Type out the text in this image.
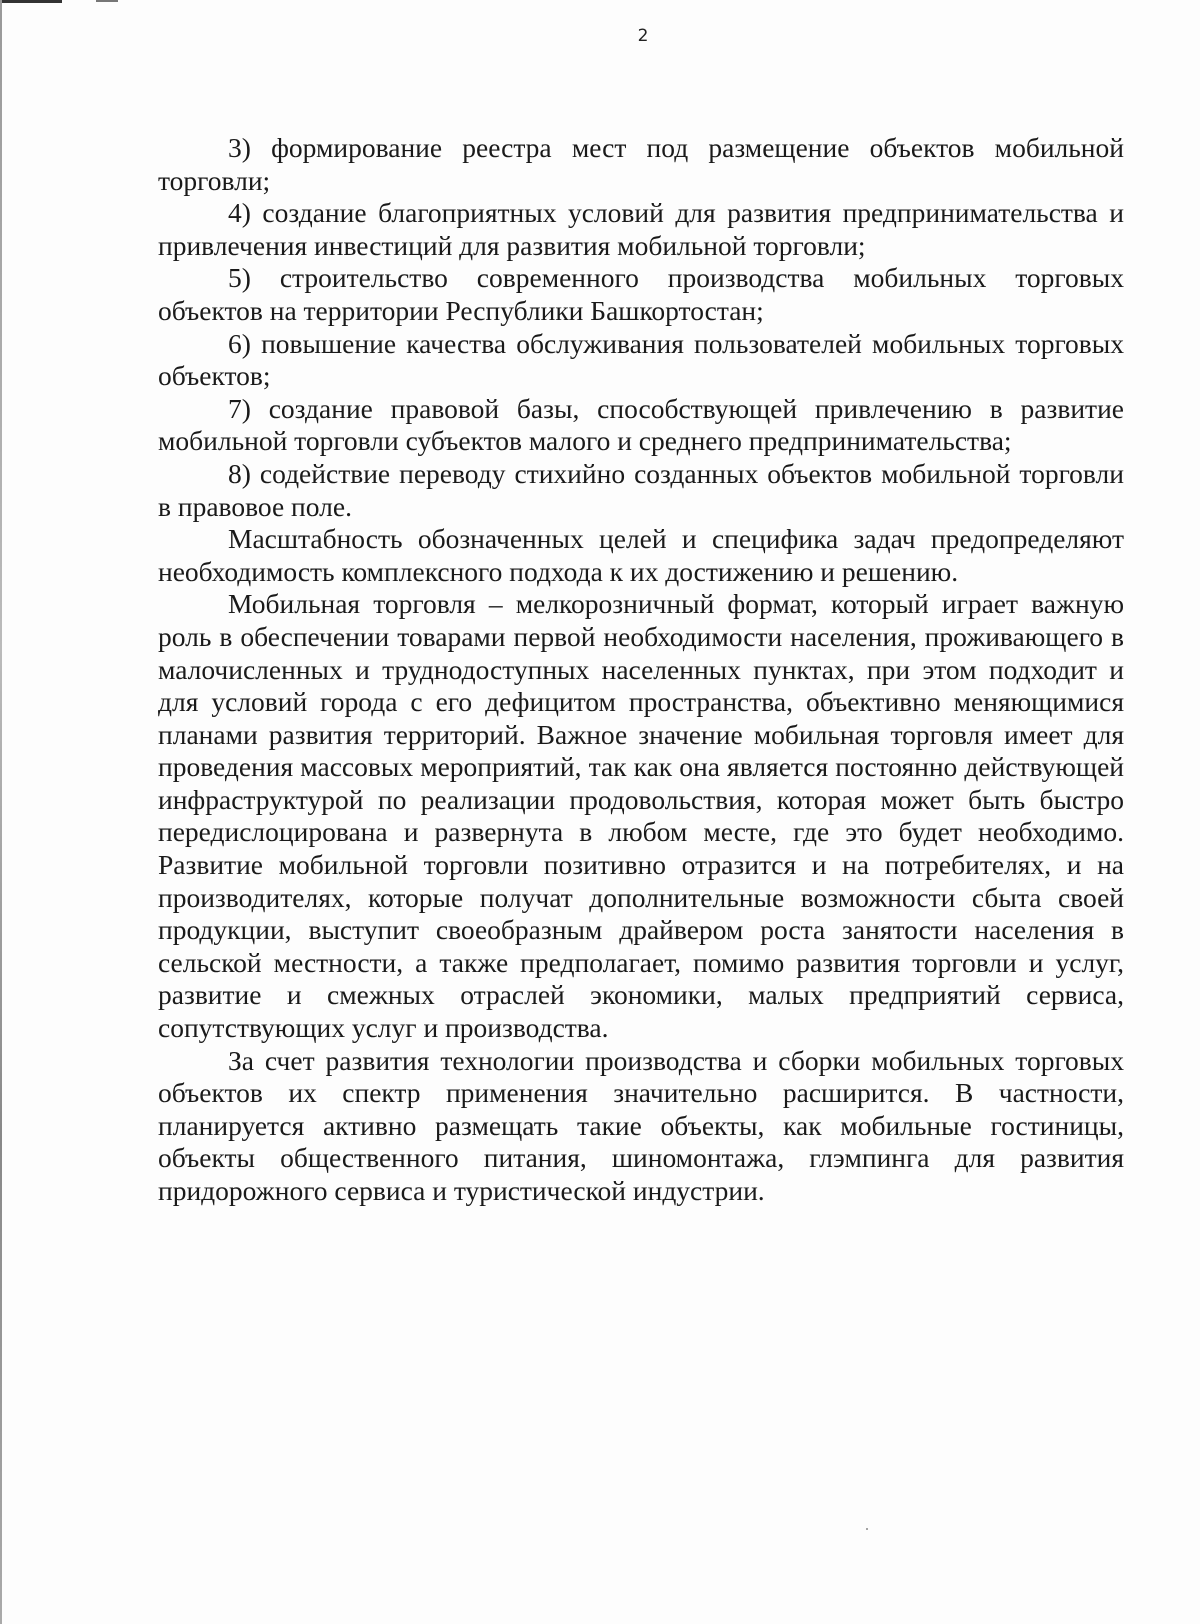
2

3) формирование реестра мест под размещение объектов мобильной торговли;

4) создание благоприятных условий для развития предпринимательства и привлечения инвестиций для развития мобильной торговли;

5) строительство современного производства мобильных торговых объектов на территории Республики Башкортостан;

6) повышение качества обслуживания пользователей мобильных торговых объектов;

7) создание правовой базы, способствующей привлечению в развитие мобильной торговли субъектов малого и среднего предпринимательства;

8) содействие переводу стихийно созданных объектов мобильной торговли в правовое поле.

Масштабность обозначенных целей и специфика задач предопределяют необходимость комплексного подхода к их достижению и решению.

Мобильная торговля – мелкорозничный формат, который играет важную роль в обеспечении товарами первой необходимости населения, проживающего в малочисленных и труднодоступных населенных пунктах, при этом подходит и для условий города с его дефицитом пространства, объективно меняющимися планами развития территорий. Важное значение мобильная торговля имеет для проведения массовых мероприятий, так как она является постоянно действующей инфраструктурой по реализации продовольствия, которая может быть быстро передислоцирована и развернута в любом месте, где это будет необходимо. Развитие мобильной торговли позитивно отразится и на потребителях, и на производителях, которые получат дополнительные возможности сбыта своей продукции, выступит своеобразным драйвером роста занятости населения в сельской местности, а также предполагает, помимо развития торговли и услуг, развитие и смежных отраслей экономики, малых предприятий сервиса, сопутствующих услуг и производства.

За счет развития технологии производства и сборки мобильных торговых объектов их спектр применения значительно расширится. В частности, планируется активно размещать такие объекты, как мобильные гостиницы, объекты общественного питания, шиномонтажа, глэмпинга для развития придорожного сервиса и туристической индустрии.
